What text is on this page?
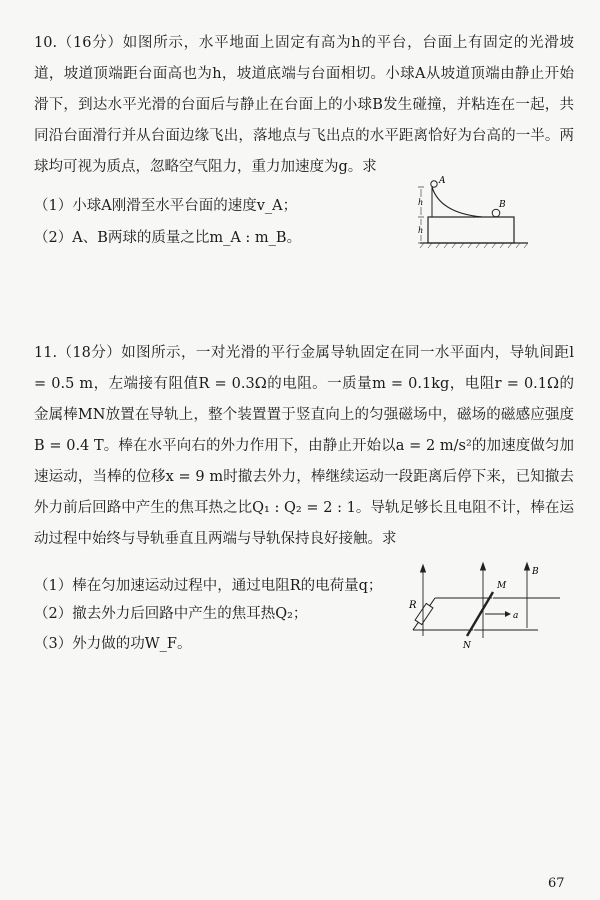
10.（16分）如图所示，水平地面上固定有高为h的平台，台面上有固定的光滑坡道，坡道顶端距台面高也为h，坡道底端与台面相切。小球A从坡道顶端由静止开始滑下，到达水平光滑的台面后与静止在台面上的小球B发生碰撞，并粘连在一起，共同沿台面滑行并从台面边缘飞出，落地点与飞出点的水平距离恰好为台高的一半。两球均可视为质点，忽略空气阻力，重力加速度为g。求

（1）小球A刚滑至水平台面的速度v_A；
（2）A、B两球的质量之比m_A : m_B。
A
B
h
h

11.（18分）如图所示，一对光滑的平行金属导轨固定在同一水平面内，导轨间距l = 0.5 m，左端接有阻值R = 0.3Ω的电阻。一质量m = 0.1kg，电阻r = 0.1Ω的金属棒MN放置在导轨上，整个装置置于竖直向上的匀强磁场中，磁场的磁感应强度B = 0.4 T。棒在水平向右的外力作用下，由静止开始以a = 2 m/s²的加速度做匀加速运动，当棒的位移x = 9 m时撤去外力，棒继续运动一段距离后停下来，已知撤去外力前后回路中产生的焦耳热之比Q₁ : Q₂ = 2 : 1。导轨足够长且电阻不计，棒在运动过程中始终与导轨垂直且两端与导轨保持良好接触。求

（1）棒在匀加速运动过程中，通过电阻R的电荷量q；
（2）撤去外力后回路中产生的焦耳热Q₂；
（3）外力做的功W_F。
R
M
N
a
B
67
